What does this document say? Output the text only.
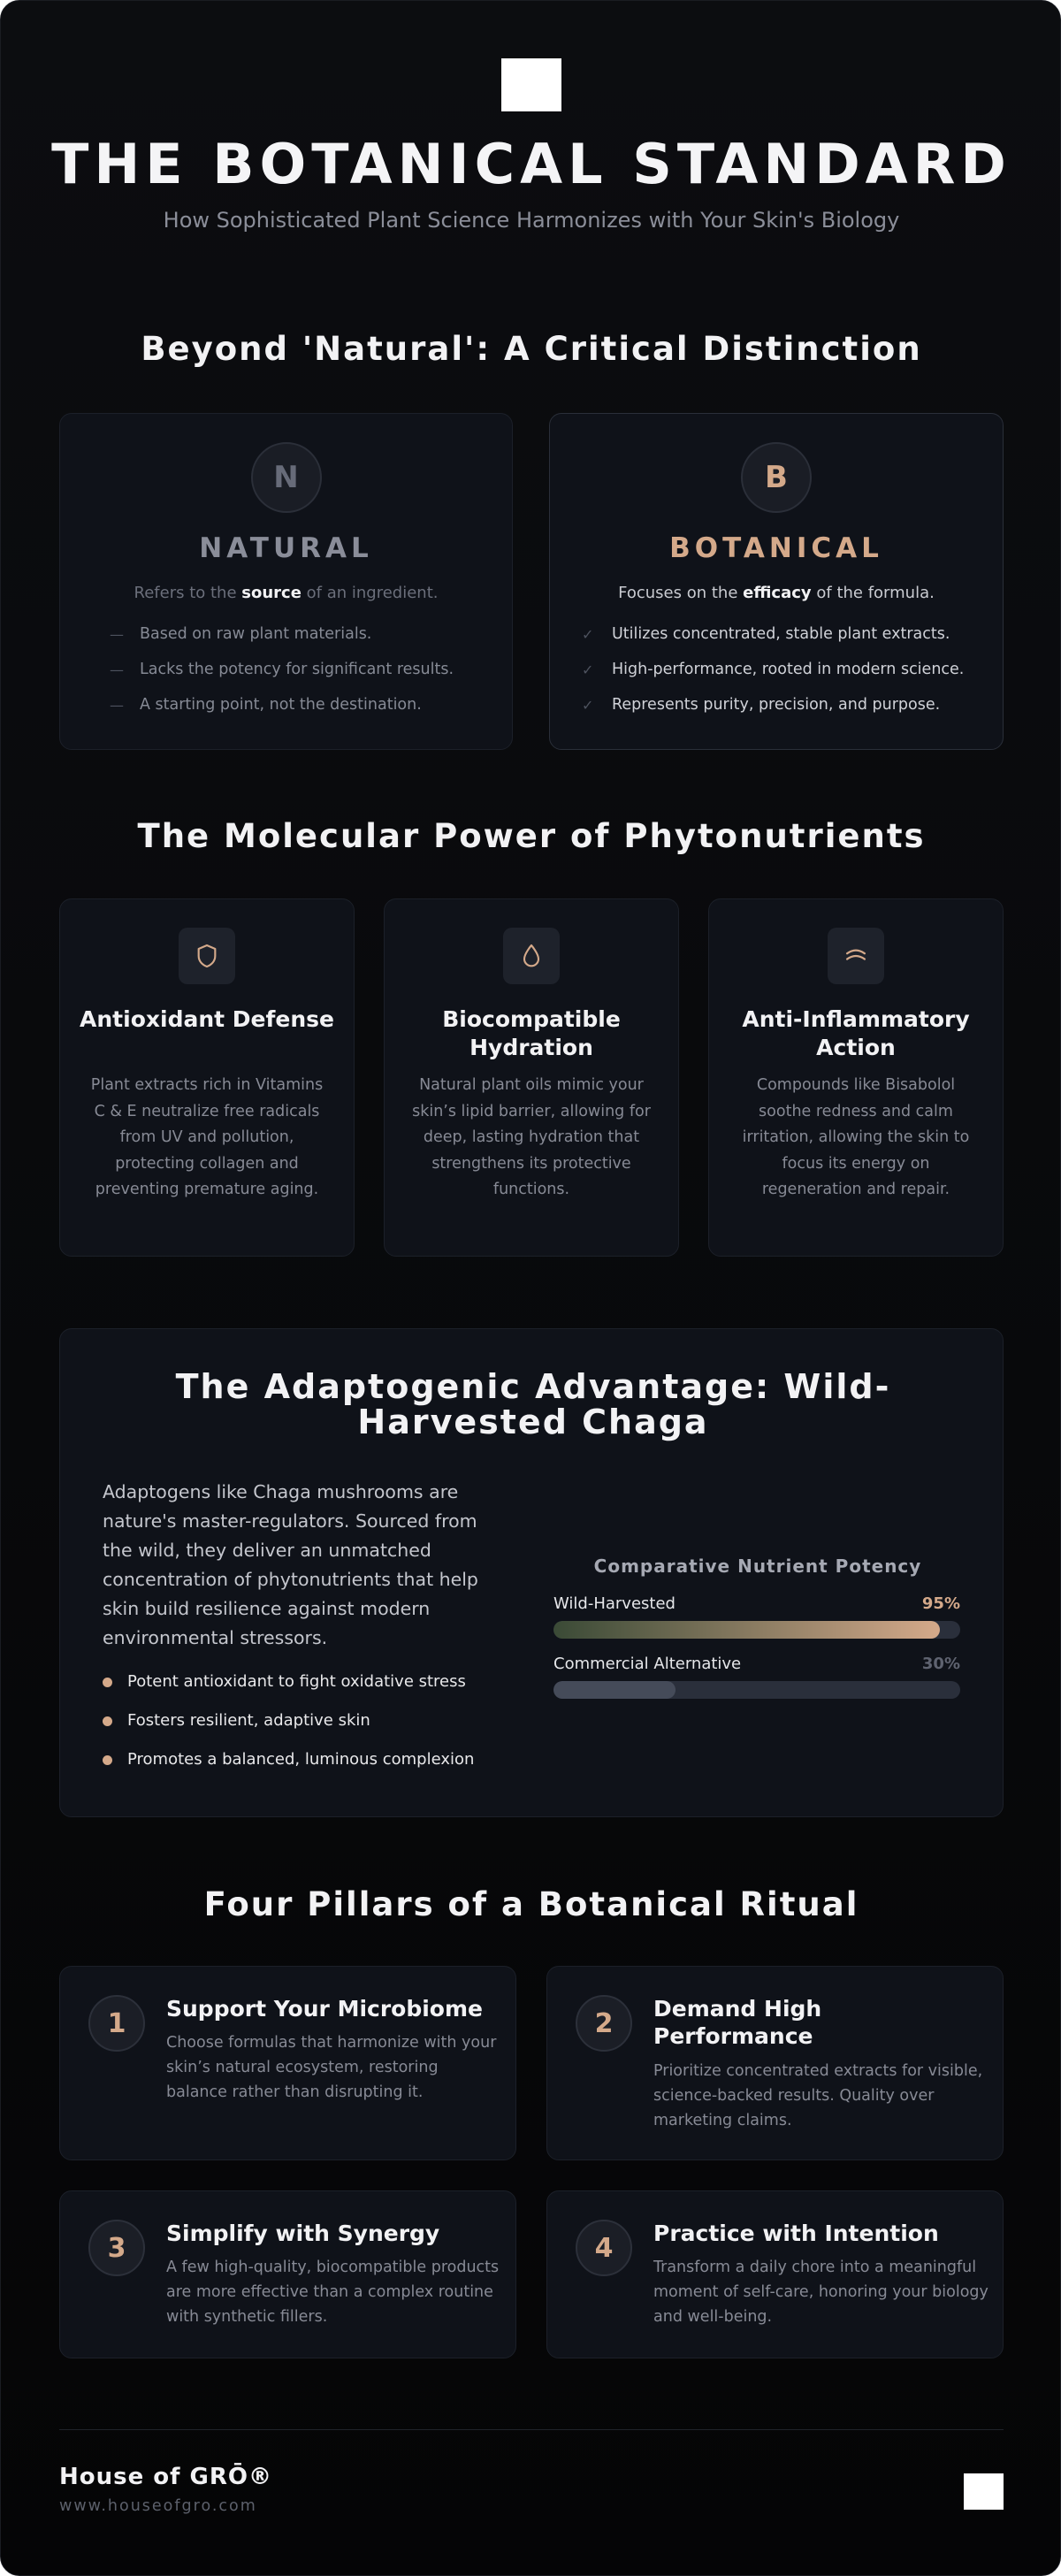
THE BOTANICAL STANDARD

How Sophisticated Plant Science Harmonizes with Your Skin's Biology

Beyond 'Natural': A Critical Distinction
N
NATURAL
Refers to the source of an ingredient.
—	Based on raw plant materials.
—	Lacks the potency for significant results.
—	A starting point, not the destination.
B
BOTANICAL
Focuses on the efficacy of the formula.
✓	Utilizes concentrated, stable plant extracts.
✓	High-performance, rooted in modern science.
✓	Represents purity, precision, and purpose.
The Molecular Power of Phytonutrients
Antioxidant Defense
Plant extracts rich in Vitamins C & E neutralize free radicals from UV and pollution, protecting collagen and preventing premature aging.
Biocompatible Hydration
Natural plant oils mimic your skin’s lipid barrier, allowing for deep, lasting hydration that strengthens its protective functions.
Anti-Inflammatory Action
Compounds like Bisabolol soothe redness and calm irritation, allowing the skin to focus its energy on regeneration and repair.
The Adaptogenic Advantage: Wild-Harvested Chaga

Adaptogens like Chaga mushrooms are nature's master-regulators. Sourced from the wild, they deliver an unmatched concentration of phytonutrients that help skin build resilience against modern environmental stressors.

Potent antioxidant to fight oxidative stress
Fosters resilient, adaptive skin
Promotes a balanced, luminous complexion
Comparative Nutrient Potency
Wild-Harvested	95%
Commercial Alternative	30%
Four Pillars of a Botanical Ritual
1	Support Your Microbiome
Choose formulas that harmonize with your skin’s natural ecosystem, restoring balance rather than disrupting it.
2	Demand High Performance
Prioritize concentrated extracts for visible, science-backed results. Quality over marketing claims.
3	Simplify with Synergy
A few high-quality, biocompatible products are more effective than a complex routine with synthetic fillers.
4	Practice with Intention
Transform a daily chore into a meaningful moment of self-care, honoring your biology and well-being.
House of GRŌ®
www.houseofgro.com
